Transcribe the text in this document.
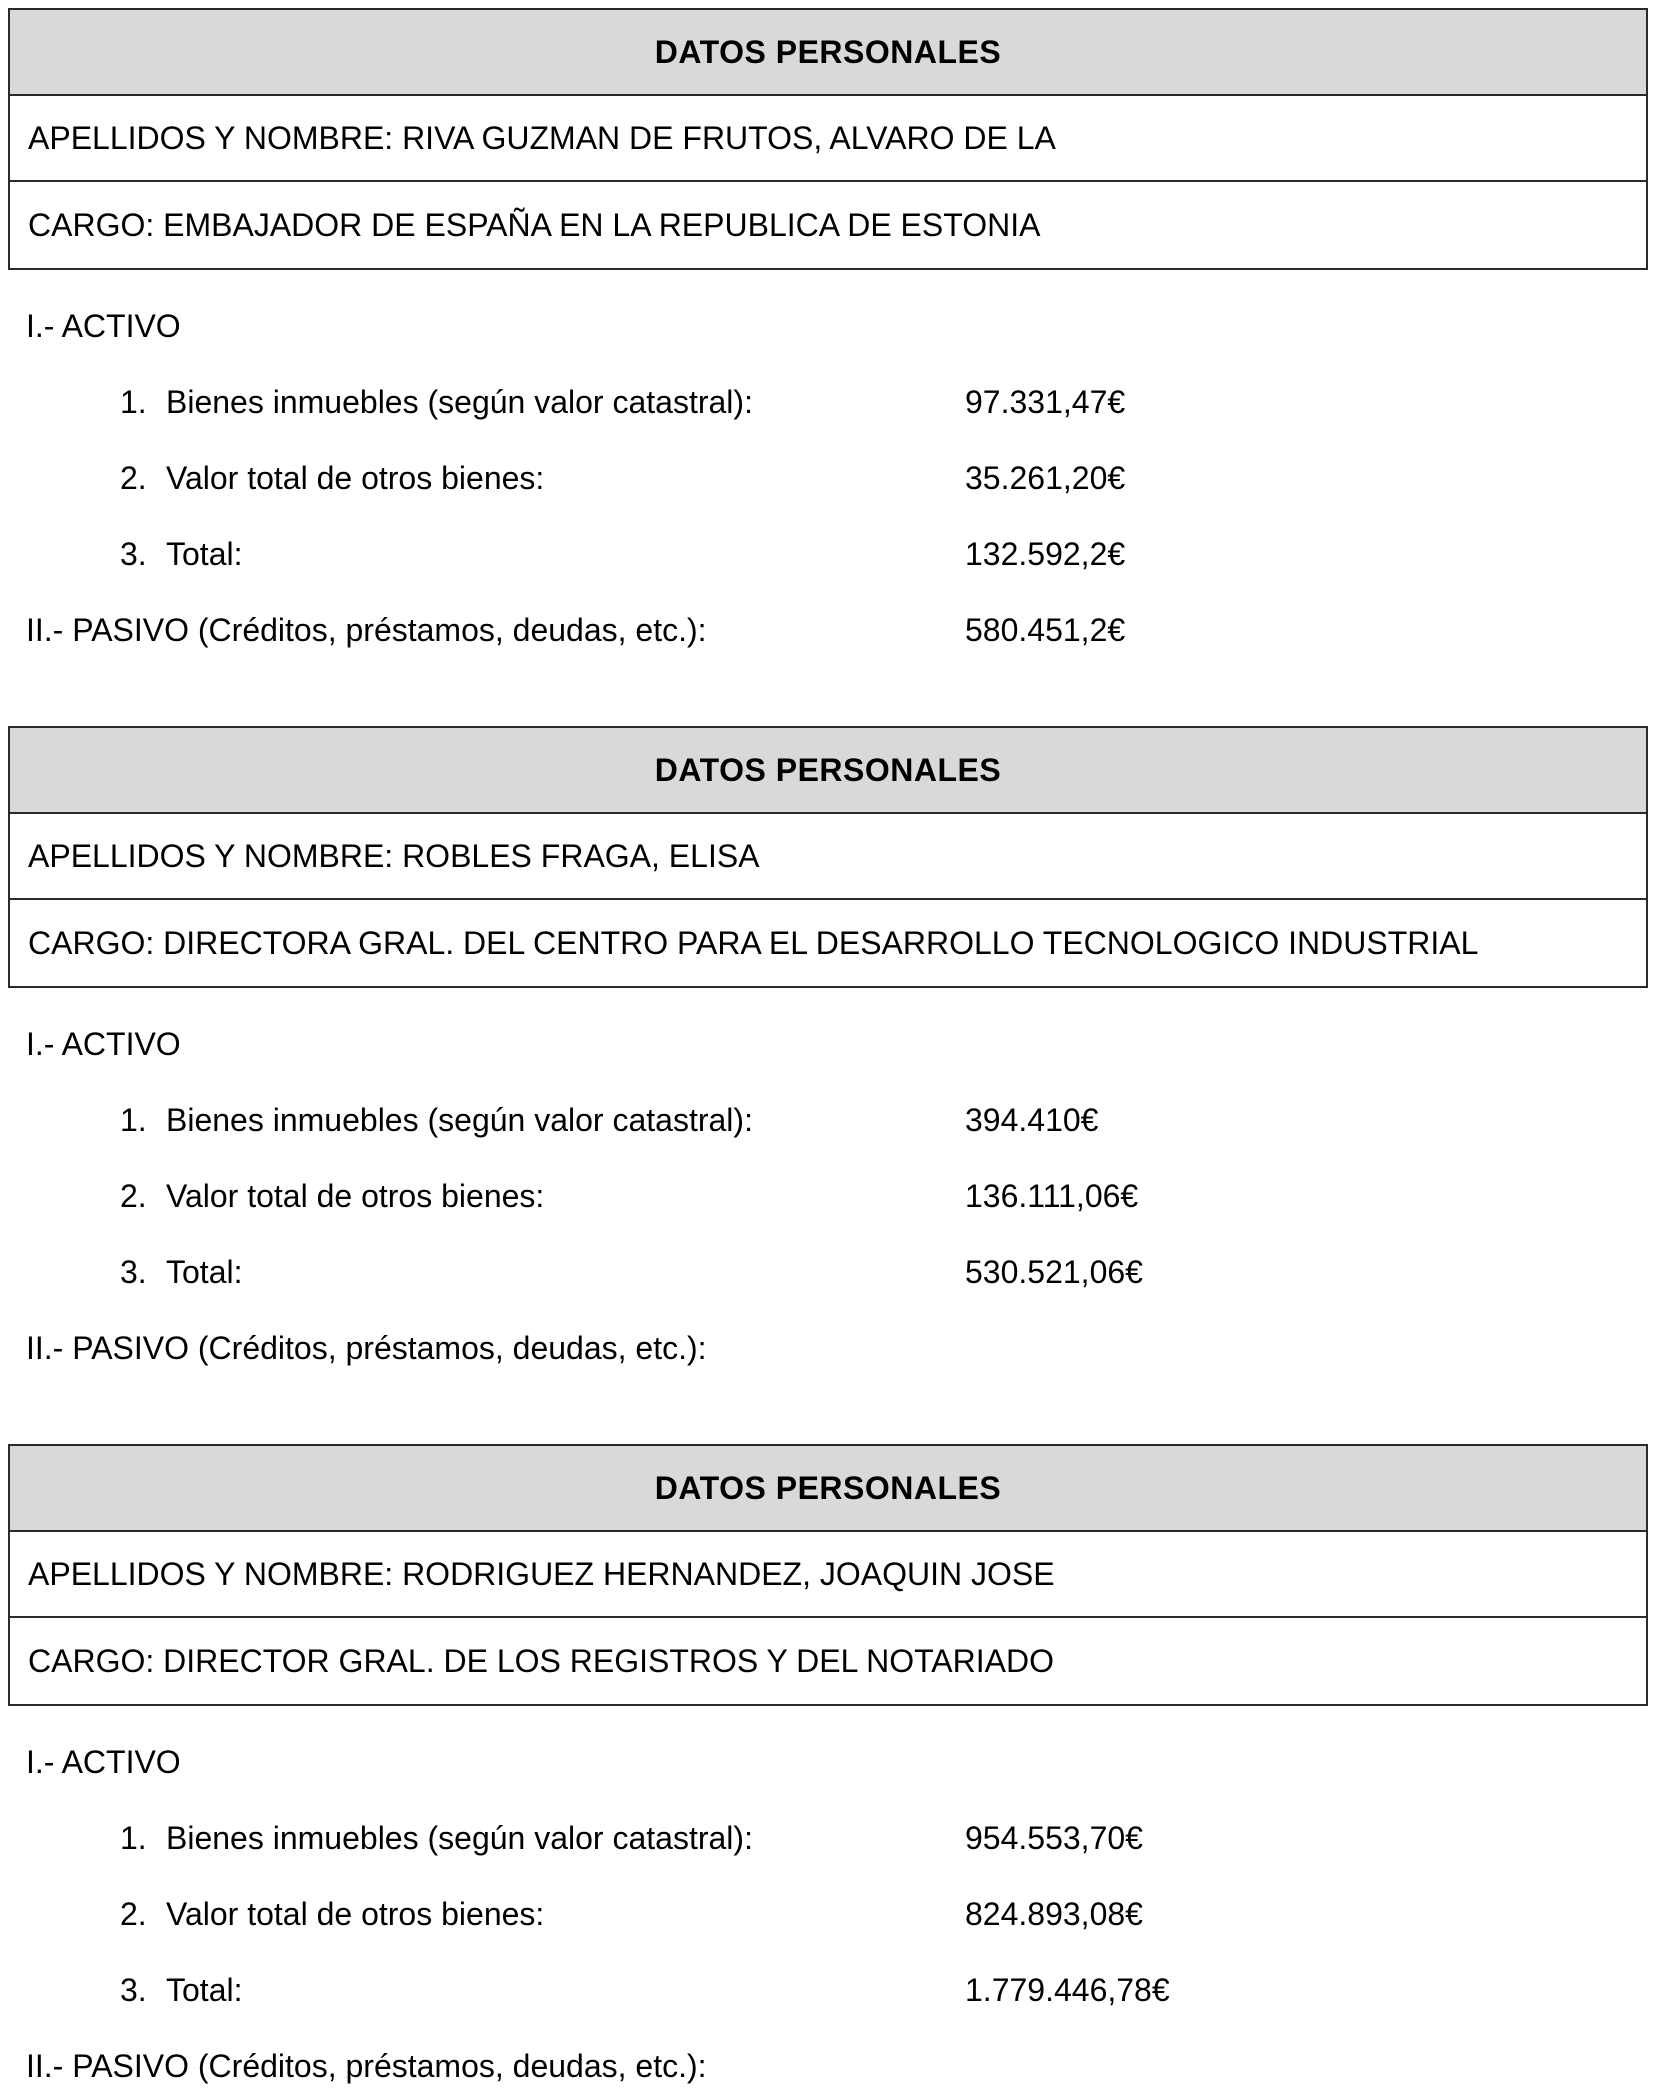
DATOS PERSONALES
APELLIDOS Y NOMBRE: RIVA GUZMAN DE FRUTOS, ALVARO DE LA
CARGO: EMBAJADOR DE ESPAÑA EN LA REPUBLICA DE ESTONIA
I.- ACTIVO
1. Bienes inmuebles (según valor catastral):	97.331,47€
2. Valor total de otros bienes:	35.261,20€
3. Total:	132.592,2€
II.- PASIVO (Créditos, préstamos, deudas, etc.):	580.451,2€
DATOS PERSONALES
APELLIDOS Y NOMBRE: ROBLES FRAGA, ELISA
CARGO: DIRECTORA GRAL. DEL CENTRO PARA EL DESARROLLO TECNOLOGICO INDUSTRIAL
I.- ACTIVO
1. Bienes inmuebles (según valor catastral):	394.410€
2. Valor total de otros bienes:	136.111,06€
3. Total:	530.521,06€
II.- PASIVO (Créditos, préstamos, deudas, etc.):
DATOS PERSONALES
APELLIDOS Y NOMBRE: RODRIGUEZ HERNANDEZ, JOAQUIN JOSE
CARGO: DIRECTOR GRAL. DE LOS REGISTROS Y DEL NOTARIADO
I.- ACTIVO
1. Bienes inmuebles (según valor catastral):	954.553,70€
2. Valor total de otros bienes:	824.893,08€
3. Total:	1.779.446,78€
II.- PASIVO (Créditos, préstamos, deudas, etc.):
